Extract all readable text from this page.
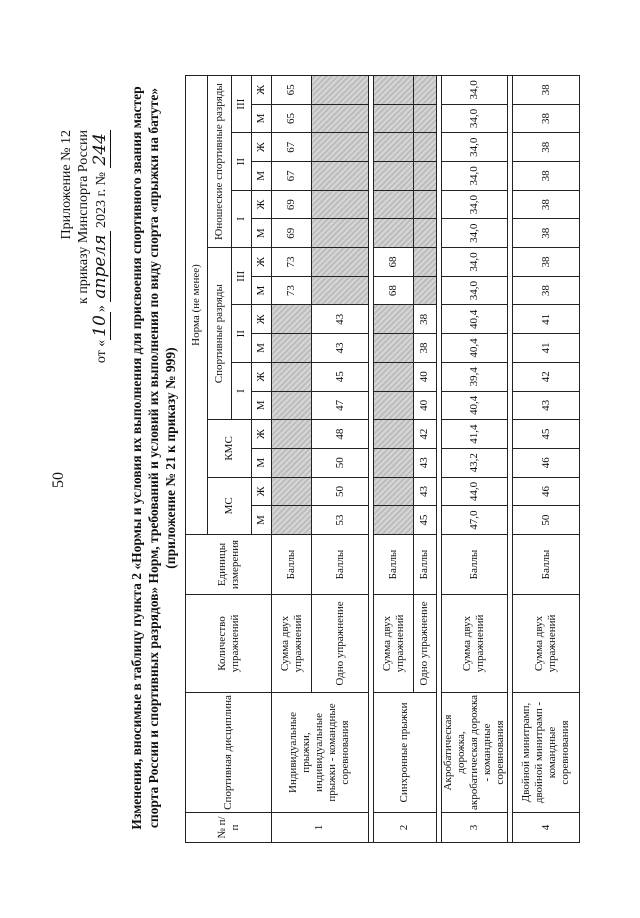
50
Приложение № 12 к приказу Минспорта России
от «10» апреля 2023 г. № 244 Изменения, вносимые в таблицу пункта 2 «Нормы и условия их выполнения для присвоения спортивного звания мастер спорта России и спортивных разрядов» Норм, требований и условий их выполнения по виду спорта «прыжки на батуте» (приложение № 21 к приказу № 999)
№ п/п	Спортивная дисциплина	Количество упражнений	Единицы измерения	Норма (не менее)															
				МС		КМС		Спортивные разряды						Юношеские спортивные разряды					
								I		II		III		I		II		III	
				М	Ж	М	Ж	М	Ж	М	Ж	М	Ж	М	Ж	М	Ж	М	Ж
1	Индивидуальные прыжки, индивидуальные прыжки - командные соревнования	Сумма двух упражнений	Баллы									73	73	69	69	67	67	65	65
		Одно упражнение	Баллы	53	50	50	48	47	45	43	43								

2	Синхронные прыжки	Сумма двух упражнений	Баллы									68	68						
		Одно упражнение	Баллы	45	43	43	42	40	40	38	38								

3	Акробатическая дорожка, акробатическая дорожка - командные соревнования	Сумма двух упражнений	Баллы	47,0	44,0	43,2	41,4	40,4	39,4	40,4	40,4	34,0	34,0	34,0	34,0	34,0	34,0	34,0	34,0

4	Двойной минитрамп, двойной минитрамп - командные соревнования	Сумма двух упражнений	Баллы	50	46	46	45	43	42	41	41	38	38	38	38	38	38	38	38
